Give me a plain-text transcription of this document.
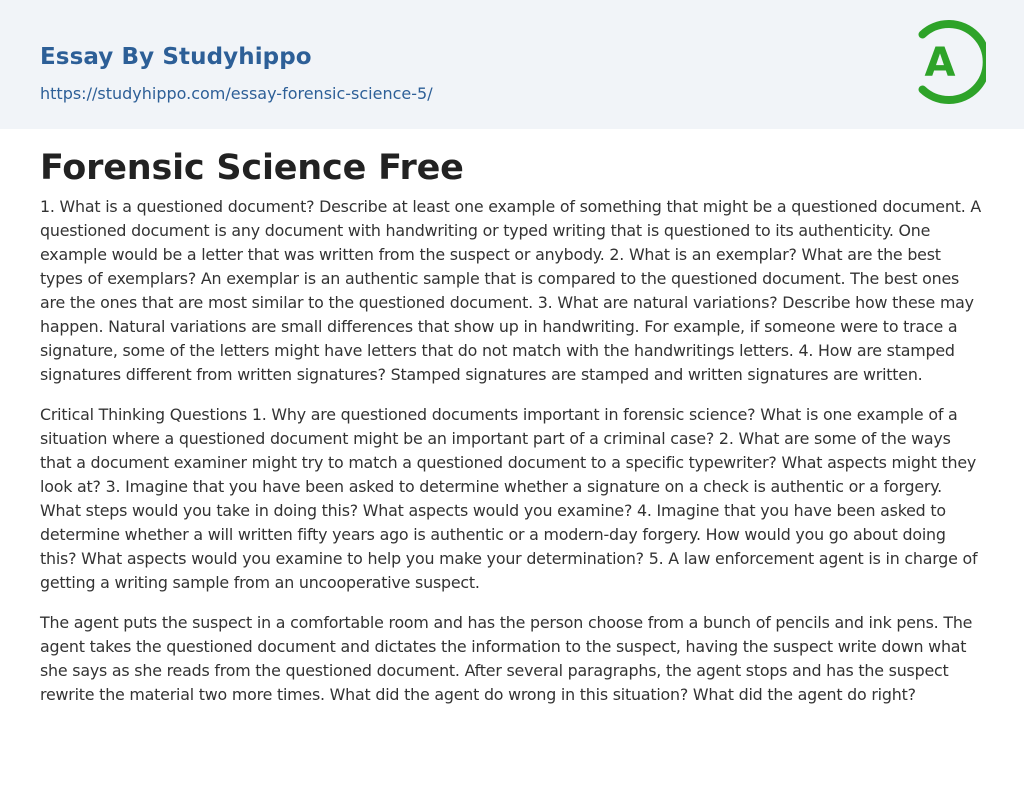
Essay By Studyhippo
https://studyhippo.com/essay-forensic-science-5/
A
Forensic Science Free

1. What is a questioned document? Describe at least one example of something that might be a questioned document. A questioned document is any document with handwriting or typed writing that is questioned to its authenticity. One example would be a letter that was written from the suspect or anybody. 2. What is an exemplar? What are the best types of exemplars? An exemplar is an authentic sample that is compared to the questioned document. The best ones are the ones that are most similar to the questioned document. 3. What are natural variations? Describe how these may happen. Natural variations are small differences that show up in handwriting. For example, if someone were to trace a signature, some of the letters might have letters that do not match with the handwritings letters. 4. How are stamped signatures different from written signatures? Stamped signatures are stamped and written signatures are written.

Critical Thinking Questions 1. Why are questioned documents important in forensic science? What is one example of a situation where a questioned document might be an important part of a criminal case? 2. What are some of the ways that a document examiner might try to match a questioned document to a specific typewriter? What aspects might they look at? 3. Imagine that you have been asked to determine whether a signature on a check is authentic or a forgery. What steps would you take in doing this? What aspects would you examine? 4. Imagine that you have been asked to determine whether a will written fifty years ago is authentic or a modern-day forgery. How would you go about doing this? What aspects would you examine to help you make your determination? 5. A law enforcement agent is in charge of getting a writing sample from an uncooperative suspect.

The agent puts the suspect in a comfortable room and has the person choose from a bunch of pencils and ink pens. The agent takes the questioned document and dictates the information to the suspect, having the suspect write down what she says as she reads from the questioned document. After several paragraphs, the agent stops and has the suspect rewrite the material two more times. What did the agent do wrong in this situation? What did the agent do right?
